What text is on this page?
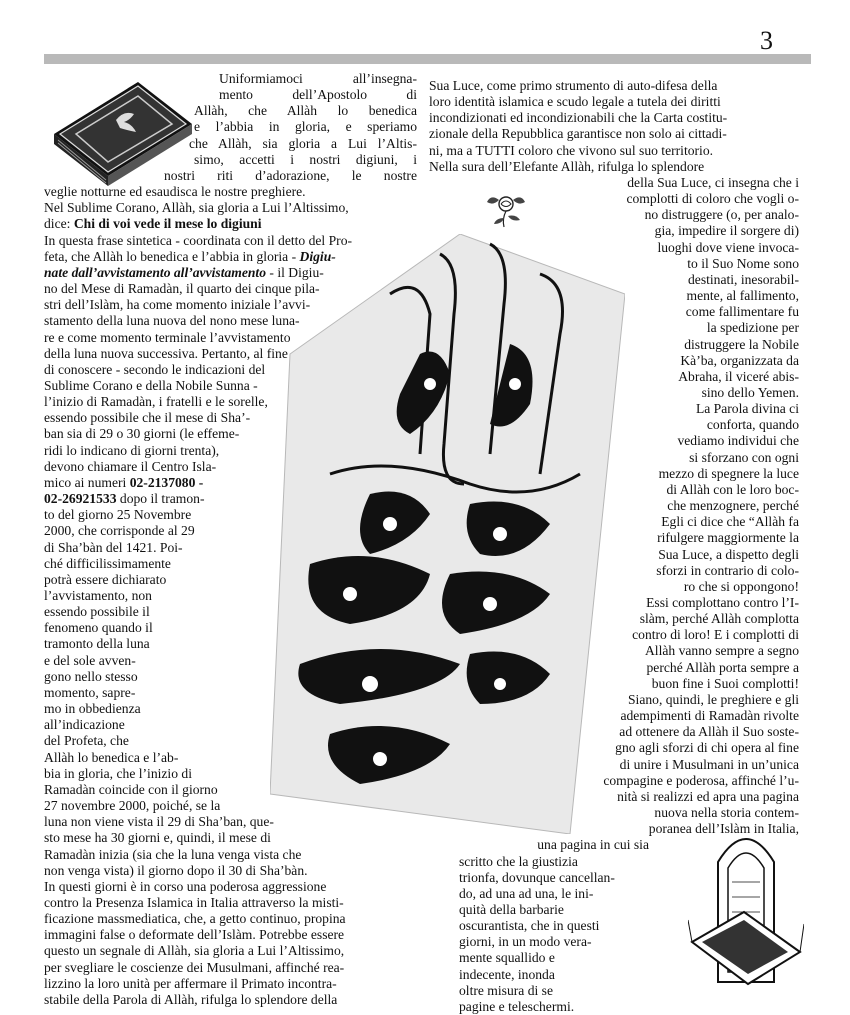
3
Uniformiamoci all’insegna-
mento dell’Apostolo di
Allàh, che Allàh lo benedica
e l’abbia in gloria, e speriamo
che Allàh, sia gloria a Lui l’Altis-
simo, accetti i nostri digiuni, i
nostri riti d’adorazione, le nostre
veglie notturne ed esaudisca le nostre preghiere.
Nel Sublime Corano, Allàh, sia gloria a Lui l’Altissimo,
dice: Chi di voi vede il mese lo digiuni
In questa frase sintetica - coordinata con il detto del Pro-
feta, che Allàh lo benedica e l’abbia in gloria - Digiu-
nate dall’avvistamento all’avvistamento - il Digiu-
no del Mese di Ramadàn, il quarto dei cinque pila-
stri dell’Islàm, ha come momento iniziale l’avvi-
stamento della luna nuova del nono mese luna-
re e come momento terminale l’avvistamento
della luna nuova successiva. Pertanto, al fine
di conoscere - secondo le indicazioni del
Sublime Corano e della Nobile Sunna -
l’inizio di Ramadàn, i fratelli e le sorelle,
essendo possibile che il mese di Sha’-
ban sia di 29 o 30 giorni (le effeme-
ridi lo indicano di giorni trenta),
devono chiamare il Centro Isla-
mico ai numeri 02-2137080 -
02-26921533 dopo il tramon-
to del giorno 25 Novembre
2000, che corrisponde al 29
di Sha’bàn del 1421. Poi-
ché difficilissimamente
potrà essere dichiarato
l’avvistamento, non
essendo possibile il
fenomeno quando il
tramonto della luna
e del sole avven-
gono nello stesso
momento, sapre-
mo in obbedienza
all’indicazione
del Profeta, che
Allàh lo benedica e l’ab-
bia in gloria, che l’inizio di
Ramadàn coincide con il giorno
27 novembre 2000, poiché, se la
luna non viene vista il 29 di Sha’ban, que-
sto mese ha 30 giorni e, quindi, il mese di
Ramadàn inizia (sia che la luna venga vista che
non venga vista) il giorno dopo il 30 di Sha’bàn.
In questi giorni è in corso una poderosa aggressione
contro la Presenza Islamica in Italia attraverso la misti-
ficazione massmediatica, che, a getto continuo, propina
immagini false o deformate dell’Islàm. Potrebbe essere
questo un segnale di Allàh, sia gloria a Lui l’Altissimo,
per svegliare le coscienze dei Musulmani, affinché rea-
lizzino la loro unità per affermare il Primato incontra-
stabile della Parola di Allàh, rifulga lo splendore della
Sua Luce, come primo strumento di auto-difesa della
loro identità islamica e scudo legale a tutela dei diritti
incondizionati ed incondizionabili che la Carta costitu-
zionale della Repubblica garantisce non solo ai cittadi-
ni, ma a TUTTI coloro che vivono sul suo territorio.
Nella sura dell’Elefante Allàh, rifulga lo splendore
della Sua Luce, ci insegna che i
complotti di coloro che vogli o-
no distruggere (o, per analo-
gia, impedire il sorgere di)
luoghi dove viene invoca-
to il Suo Nome sono
destinati, inesorabil-
mente, al fallimento,
come fallimentare fu
la spedizione per
distruggere la Nobile
Kà’ba, organizzata da
Abraha, il viceré abis-
sino dello Yemen.
La Parola divina ci
conforta, quando
vediamo individui che
si sforzano con ogni
mezzo di spegnere la luce
di Allàh con le loro boc-
che menzognere, perché
Egli ci dice che “Allàh fa
rifulgere maggiormente la
Sua Luce, a dispetto degli
sforzi in contrario di colo-
ro che si oppongono!
Essi complottano contro l’I-
slàm, perché Allàh complotta
contro di loro! E i complotti di
Allàh vanno sempre a segno
perché Allàh porta sempre a
buon fine i Suoi complotti!
Siano, quindi, le preghiere e gli
adempimenti di Ramadàn rivolte
ad ottenere da Allàh il Suo soste-
gno agli sforzi di chi opera al fine
di unire i Musulmani in un’unica
compagine e poderosa, affinché l’u-
nità si realizzi ed apra una pagina
nuova nella storia contem-
poranea dell’Islàm in Italia,
una pagina in cui sia
scritto che la giustizia
trionfa, dovunque cancellan-
do, ad una ad una, le ini-
quità della barbarie
oscurantista, che in questi
giorni, in un modo vera-
mente squallido e
indecente, inonda
oltre misura di se
pagine e teleschermi.
